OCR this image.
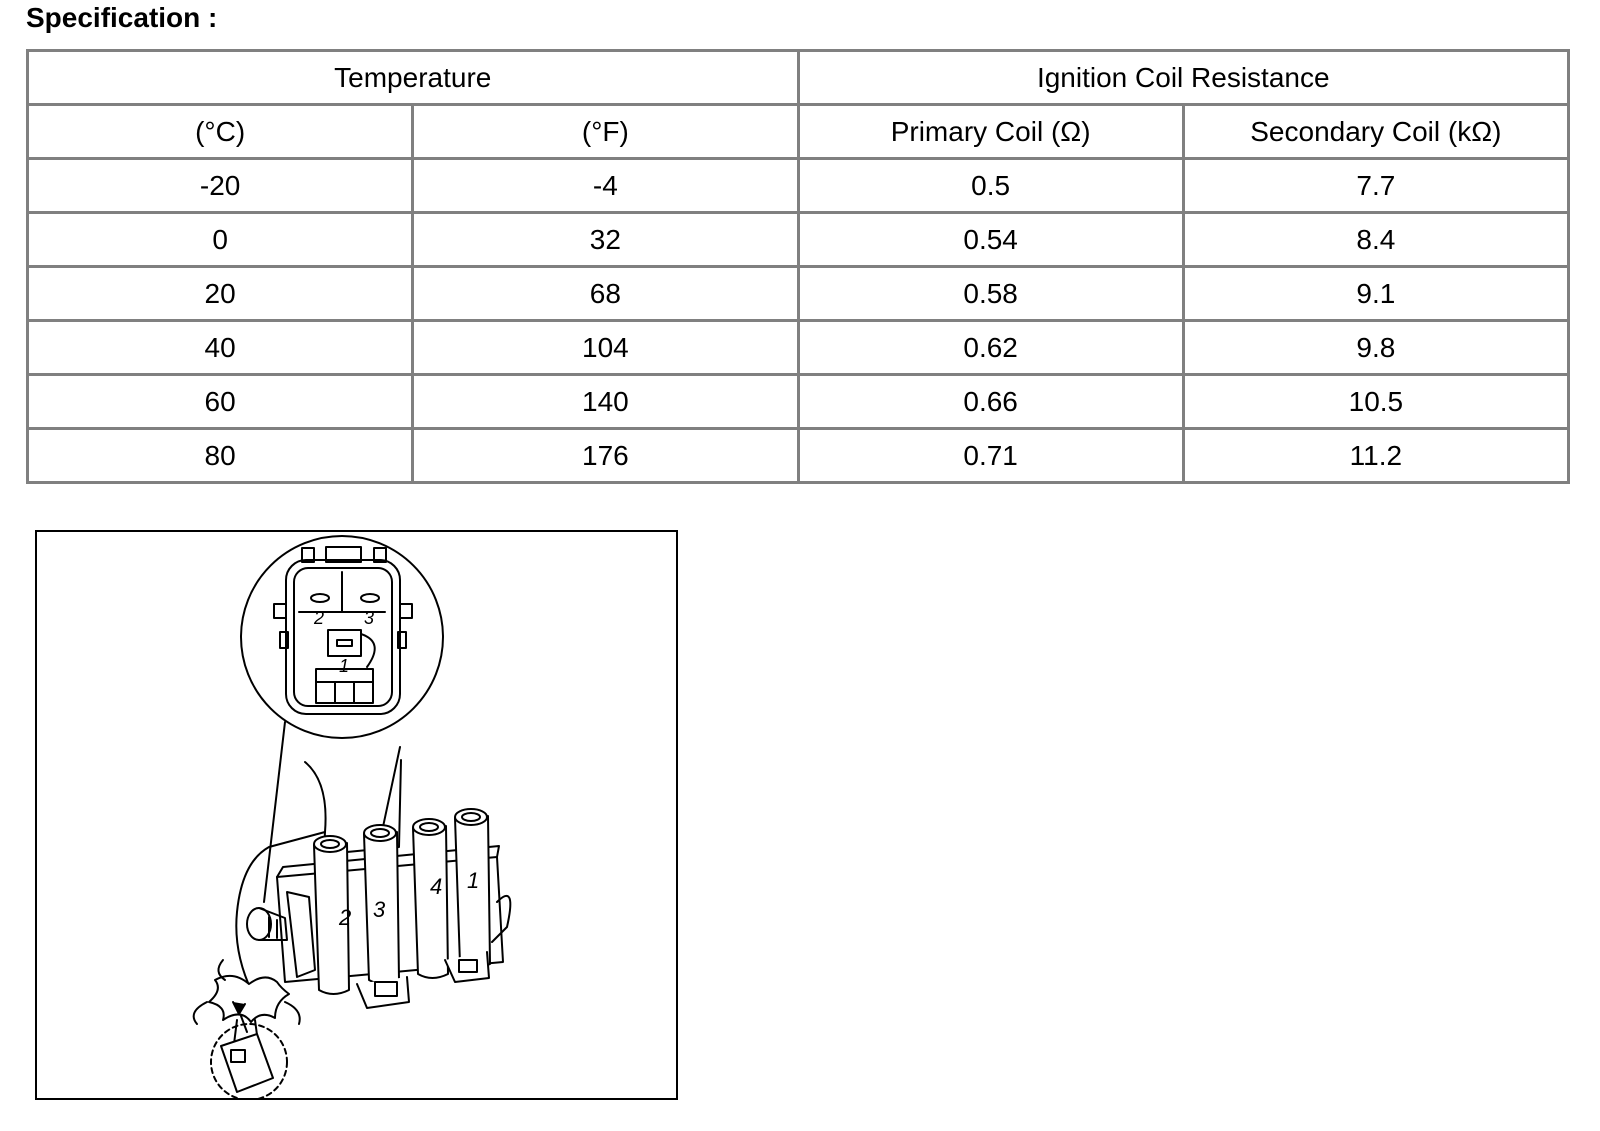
Specification :
Temperature		Ignition Coil Resistance	
(°C)	(°F)	Primary Coil (Ω)	Secondary Coil (kΩ)
-20	-4	0.5	7.7
0	32	0.54	8.4
20	68	0.58	9.1
40	104	0.62	9.8
60	140	0.66	10.5
80	176	0.71	11.2
2 3
1
2 3
4 1
